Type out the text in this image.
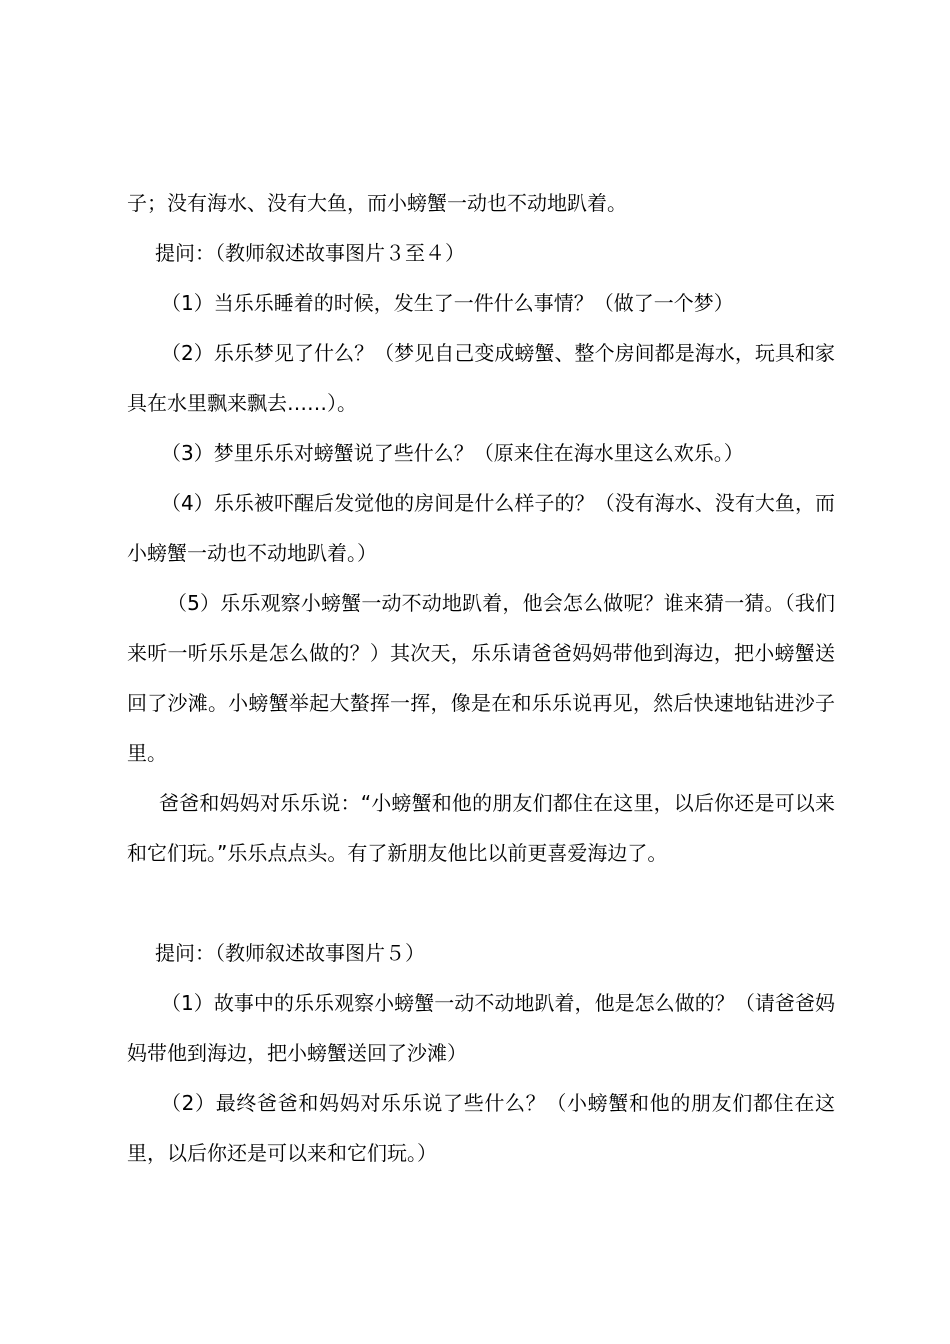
子；没有海水、没有大鱼，而小螃蟹一动也不动地趴着。

提问：（教师叙述故事图片３至４）

（1）当乐乐睡着的时候，发生了一件什么事情？（做了一个梦）

（2）乐乐梦见了什么？（梦见自己变成螃蟹、整个房间都是海水，玩具和家具在水里飘来飘去……）。

（3）梦里乐乐对螃蟹说了些什么？（原来住在海水里这么欢乐。）

（4）乐乐被吓醒后发觉他的房间是什么样子的？（没有海水、没有大鱼，而小螃蟹一动也不动地趴着。）

（5）乐乐观察小螃蟹一动不动地趴着，他会怎么做呢？谁来猜一猜。（我们来听一听乐乐是怎么做的？）其次天，乐乐请爸爸妈妈带他到海边，把小螃蟹送回了沙滩。小螃蟹举起大螯挥一挥，像是在和乐乐说再见，然后快速地钻进沙子里。

爸爸和妈妈对乐乐说：“小螃蟹和他的朋友们都住在这里，以后你还是可以来和它们玩。”乐乐点点头。有了新朋友他比以前更喜爱海边了。

提问：（教师叙述故事图片５）

（1）故事中的乐乐观察小螃蟹一动不动地趴着，他是怎么做的？（请爸爸妈妈带他到海边，把小螃蟹送回了沙滩）

（2）最终爸爸和妈妈对乐乐说了些什么？（小螃蟹和他的朋友们都住在这里，以后你还是可以来和它们玩。）
